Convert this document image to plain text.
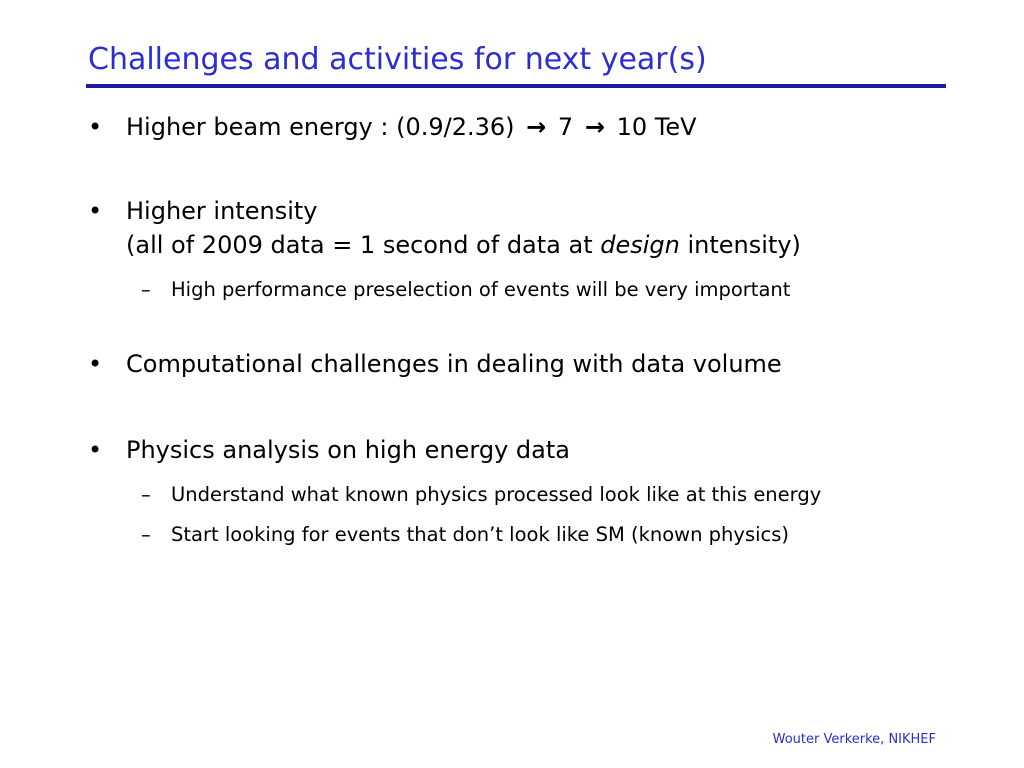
Challenges and activities for next year(s)
• Higher beam energy : (0.9/2.36) → 7 → 10 TeV
• Higher intensity
(all of 2009 data = 1 second of data at design intensity)
– High performance preselection of events will be very important
• Computational challenges in dealing with data volume
• Physics analysis on high energy data
– Understand what known physics processed look like at this energy
– Start looking for events that don’t look like SM (known physics)
Wouter Verkerke, NIKHEF
